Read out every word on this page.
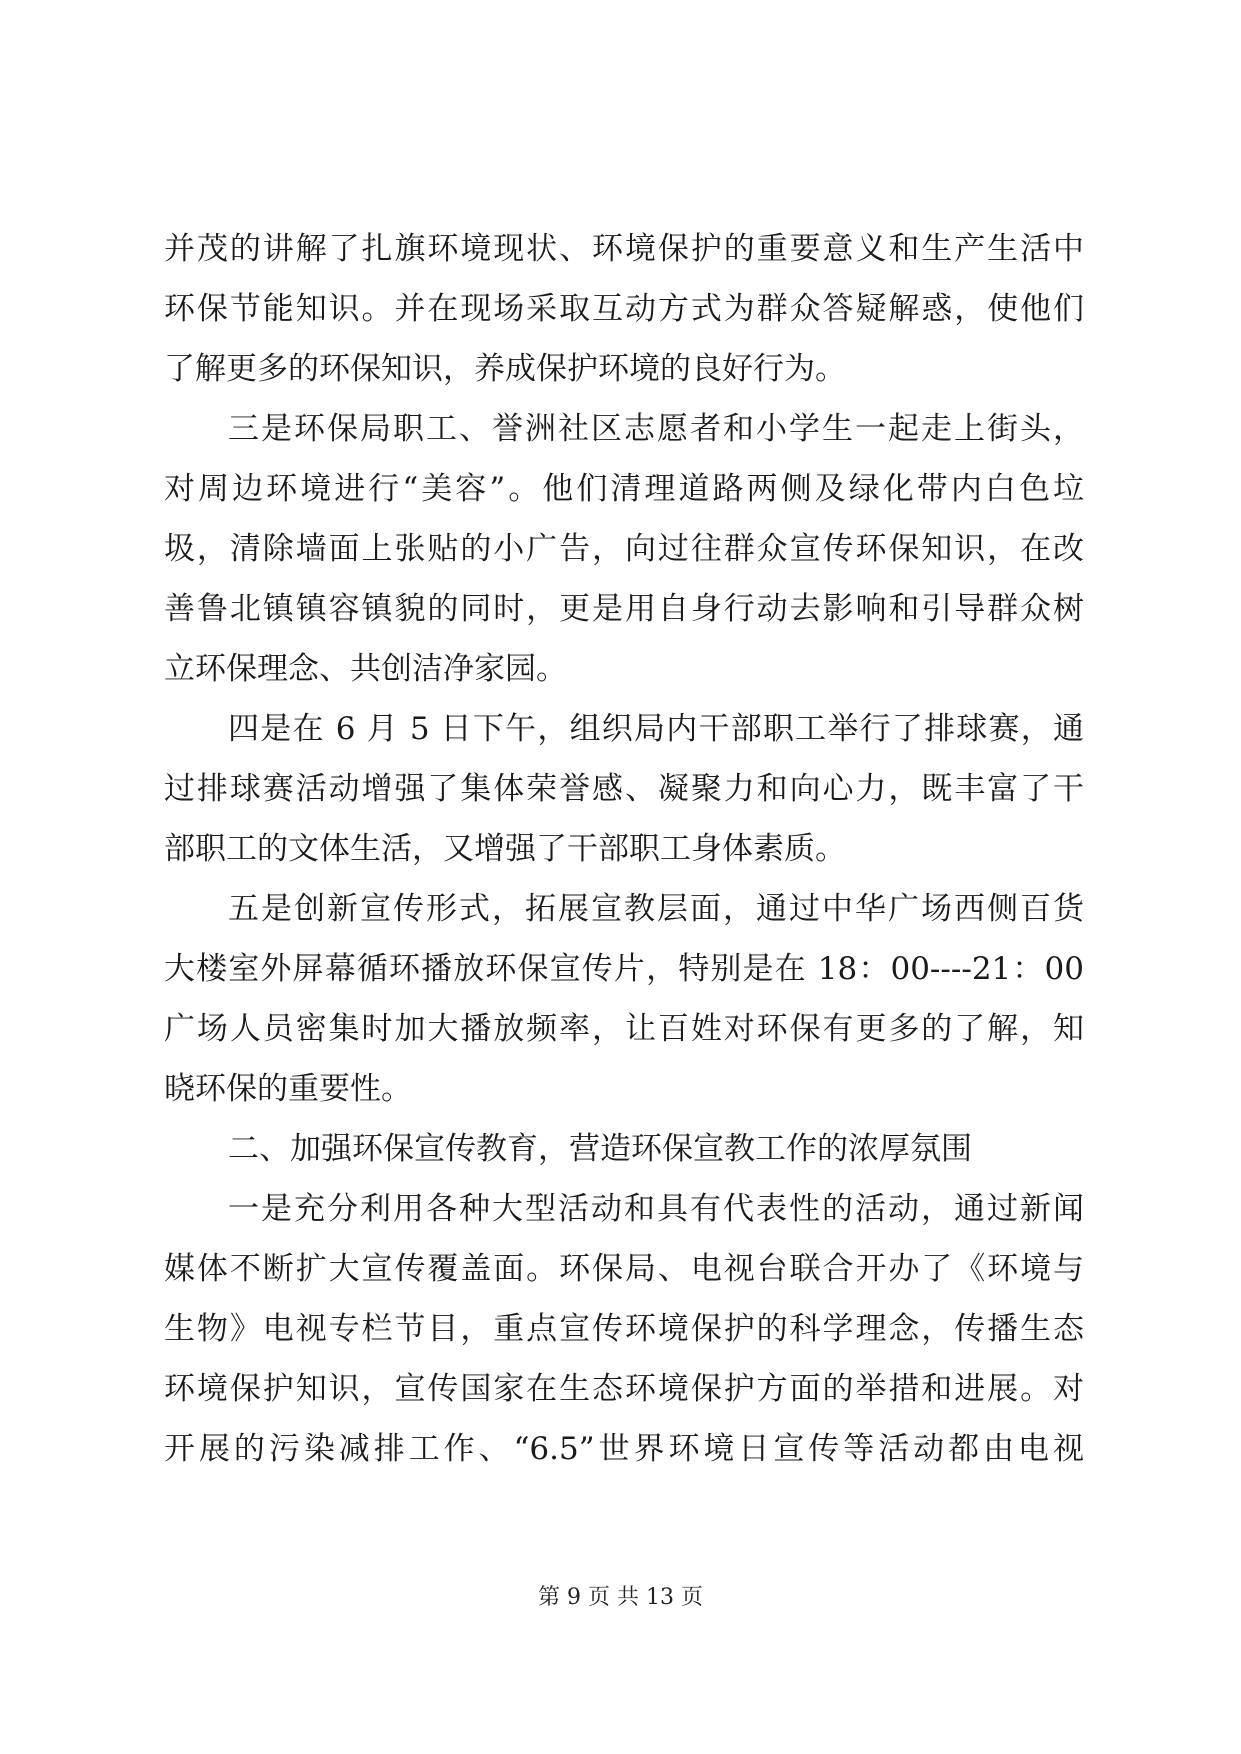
并茂的讲解了扎旗环境现状、环境保护的重要意义和生产生活中
环保节能知识。并在现场采取互动方式为群众答疑解惑，使他们
了解更多的环保知识，养成保护环境的良好行为。
三是环保局职工、誉洲社区志愿者和小学生一起走上街头，
对周边环境进行“美容”。他们清理道路两侧及绿化带内白色垃
圾，清除墙面上张贴的小广告，向过往群众宣传环保知识，在改
善鲁北镇镇容镇貌的同时，更是用自身行动去影响和引导群众树
立环保理念、共创洁净家园。
四是在 6 月 5 日下午，组织局内干部职工举行了排球赛，通
过排球赛活动增强了集体荣誉感、凝聚力和向心力，既丰富了干
部职工的文体生活，又增强了干部职工身体素质。
五是创新宣传形式，拓展宣教层面，通过中华广场西侧百货
大楼室外屏幕循环播放环保宣传片，特别是在 18：00----21：00
广场人员密集时加大播放频率，让百姓对环保有更多的了解，知
晓环保的重要性。
二、加强环保宣传教育，营造环保宣教工作的浓厚氛围
一是充分利用各种大型活动和具有代表性的活动，通过新闻
媒体不断扩大宣传覆盖面。环保局、电视台联合开办了《环境与
生物》电视专栏节目，重点宣传环境保护的科学理念，传播生态
环境保护知识，宣传国家在生态环境保护方面的举措和进展。对
开展的污染减排工作、“6.5”世界环境日宣传等活动都由电视
第 9 页 共 13 页
